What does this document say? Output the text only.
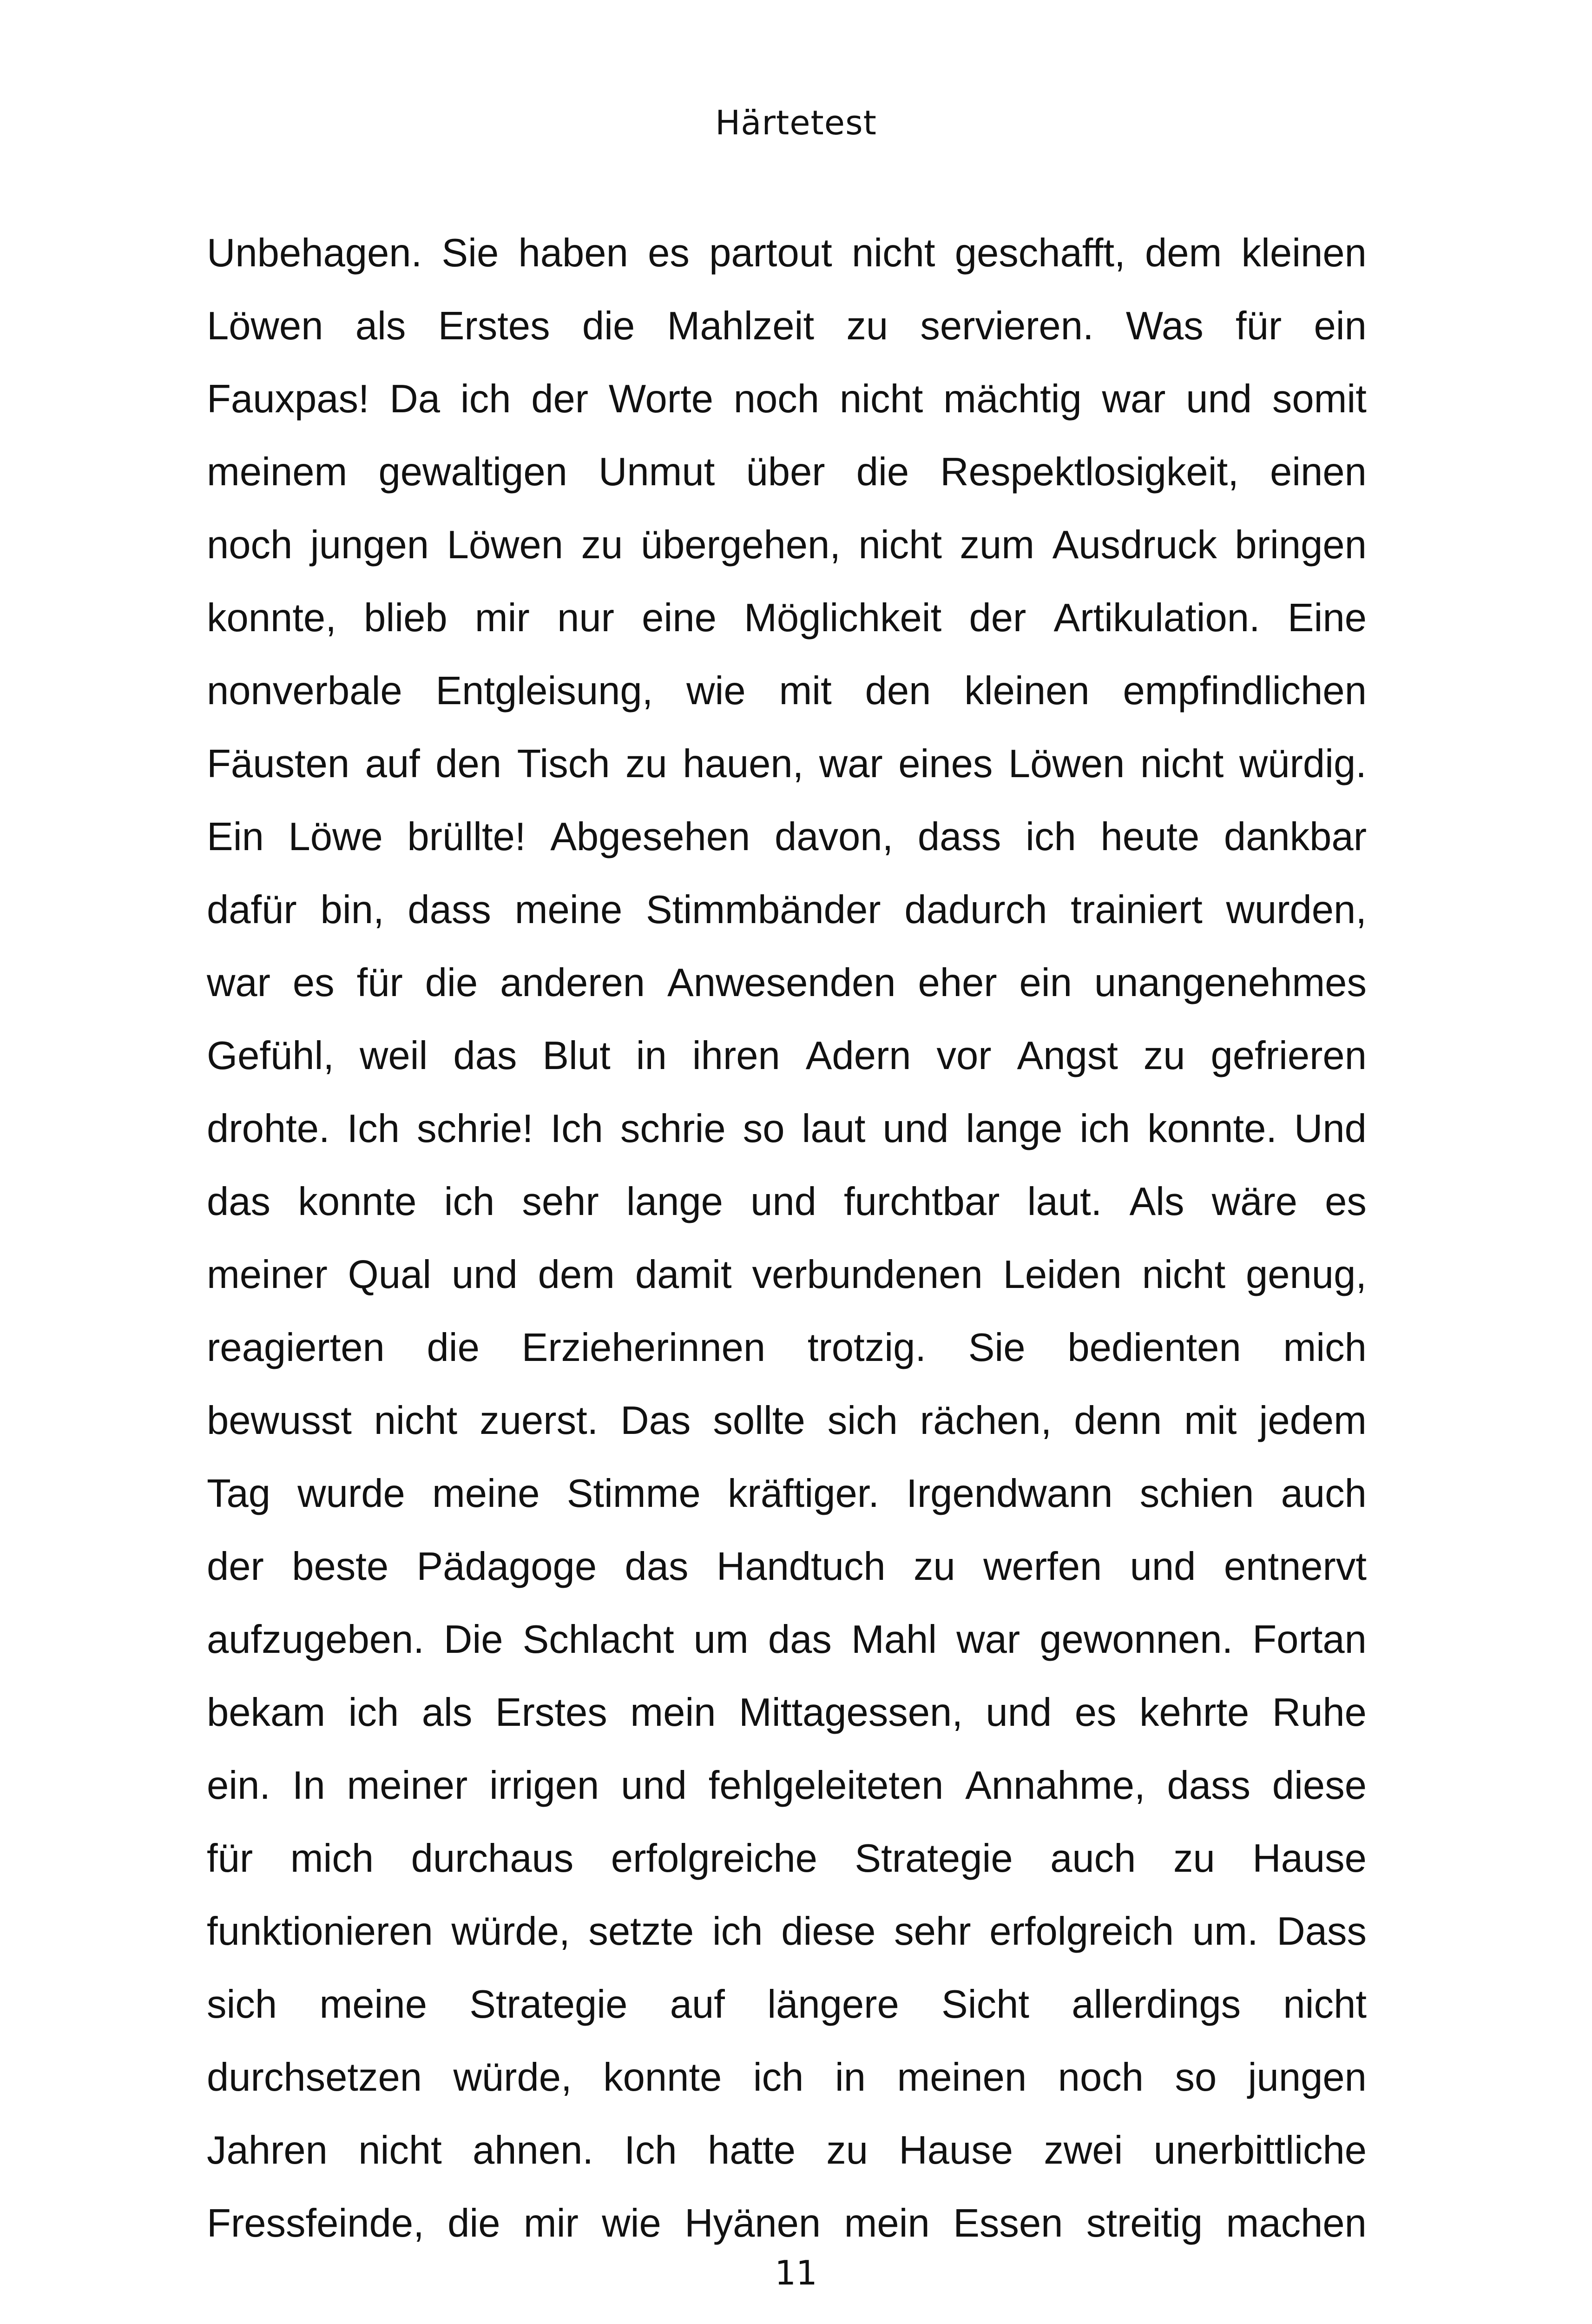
Härtetest
Unbehagen. Sie haben es partout nicht geschafft, dem kleinen
Löwen als Erstes die Mahlzeit zu servieren. Was für ein
Fauxpas! Da ich der Worte noch nicht mächtig war und somit
meinem gewaltigen Unmut über die Respektlosigkeit, einen
noch jungen Löwen zu übergehen, nicht zum Ausdruck bringen
konnte, blieb mir nur eine Möglichkeit der Artikulation. Eine
nonverbale Entgleisung, wie mit den kleinen empfindlichen
Fäusten auf den Tisch zu hauen, war eines Löwen nicht würdig.
Ein Löwe brüllte! Abgesehen davon, dass ich heute dankbar
dafür bin, dass meine Stimmbänder dadurch trainiert wurden,
war es für die anderen Anwesenden eher ein unangenehmes
Gefühl, weil das Blut in ihren Adern vor Angst zu gefrieren
drohte. Ich schrie! Ich schrie so laut und lange ich konnte. Und
das konnte ich sehr lange und furchtbar laut. Als wäre es
meiner Qual und dem damit verbundenen Leiden nicht genug,
reagierten die Erzieherinnen trotzig. Sie bedienten mich
bewusst nicht zuerst. Das sollte sich rächen, denn mit jedem
Tag wurde meine Stimme kräftiger. Irgendwann schien auch
der beste Pädagoge das Handtuch zu werfen und entnervt
aufzugeben. Die Schlacht um das Mahl war gewonnen. Fortan
bekam ich als Erstes mein Mittagessen, und es kehrte Ruhe
ein. In meiner irrigen und fehlgeleiteten Annahme, dass diese
für mich durchaus erfolgreiche Strategie auch zu Hause
funktionieren würde, setzte ich diese sehr erfolgreich um. Dass
sich meine Strategie auf längere Sicht allerdings nicht
durchsetzen würde, konnte ich in meinen noch so jungen
Jahren nicht ahnen. Ich hatte zu Hause zwei unerbittliche
Fressfeinde, die mir wie Hyänen mein Essen streitig machen
11
